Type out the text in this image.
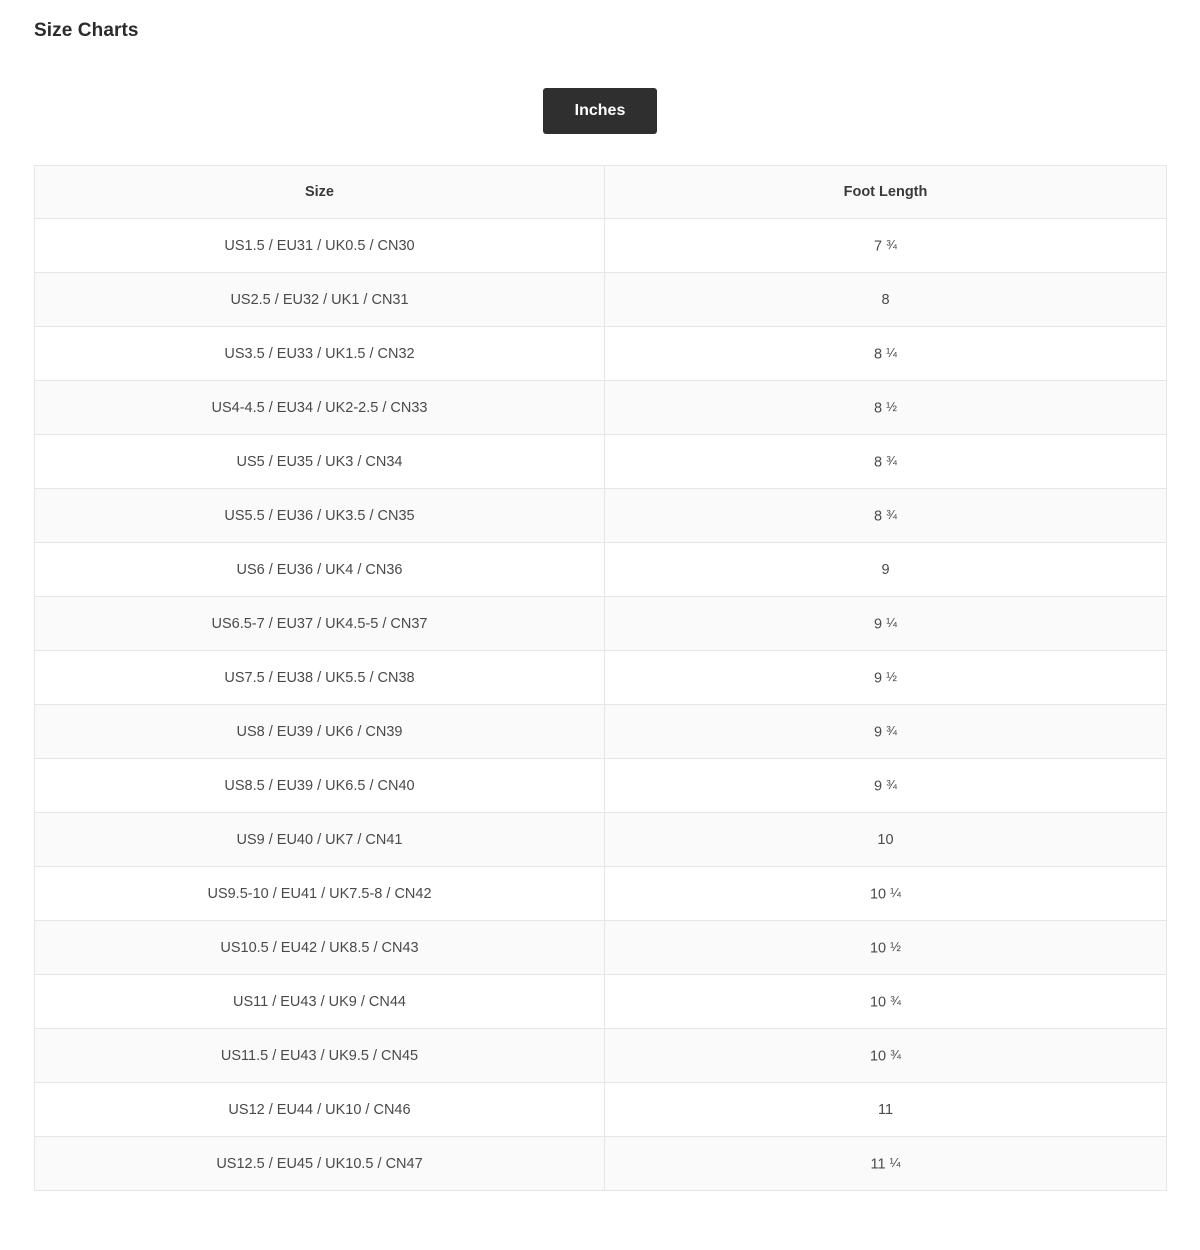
Size Charts
Inches
Size	Foot Length
US1.5 / EU31 / UK0.5 / CN30	7 ¾
US2.5 / EU32 / UK1 / CN31	8
US3.5 / EU33 / UK1.5 / CN32	8 ¼
US4-4.5 / EU34 / UK2-2.5 / CN33	8 ½
US5 / EU35 / UK3 / CN34	8 ¾
US5.5 / EU36 / UK3.5 / CN35	8 ¾
US6 / EU36 / UK4 / CN36	9
US6.5-7 / EU37 / UK4.5-5 / CN37	9 ¼
US7.5 / EU38 / UK5.5 / CN38	9 ½
US8 / EU39 / UK6 / CN39	9 ¾
US8.5 / EU39 / UK6.5 / CN40	9 ¾
US9 / EU40 / UK7 / CN41	10
US9.5-10 / EU41 / UK7.5-8 / CN42	10 ¼
US10.5 / EU42 / UK8.5 / CN43	10 ½
US11 / EU43 / UK9 / CN44	10 ¾
US11.5 / EU43 / UK9.5 / CN45	10 ¾
US12 / EU44 / UK10 / CN46	11
US12.5 / EU45 / UK10.5 / CN47	11 ¼
